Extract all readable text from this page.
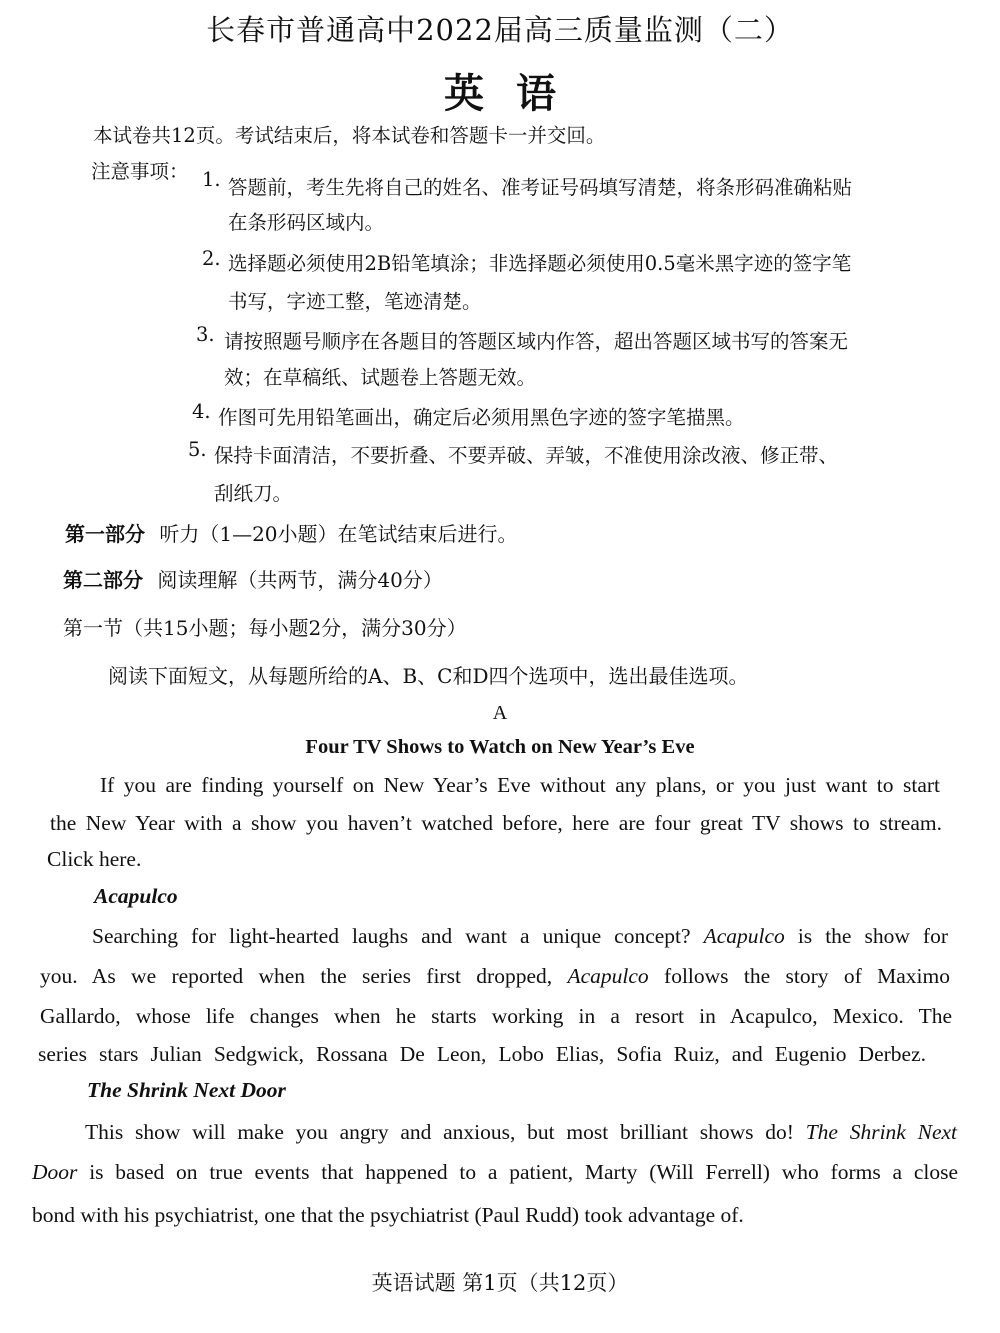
长春市普通高中2022届高三质量监测（二）
英语
本试卷共12页。考试结束后，将本试卷和答题卡一并交回。
注意事项： 1. 答题前，考生先将自己的姓名、准考证号码填写清楚，将条形码准确粘贴
在条形码区域内。
2. 选择题必须使用2B铅笔填涂；非选择题必须使用0.5毫米黑字迹的签字笔
书写，字迹工整，笔迹清楚。
3. 请按照题号顺序在各题目的答题区域内作答，超出答题区域书写的答案无
效；在草稿纸、试题卷上答题无效。
4. 作图可先用铅笔画出，确定后必须用黑色字迹的签字笔描黑。
5. 保持卡面清洁，不要折叠、不要弄破、弄皱，不准使用涂改液、修正带、
刮纸刀。
第一部分 听力（1—20小题）在笔试结束后进行。
第二部分 阅读理解（共两节，满分40分）
第一节（共15小题；每小题2分，满分30分）
阅读下面短文，从每题所给的A、B、C和D四个选项中，选出最佳选项。
A
Four TV Shows to Watch on New Year’s Eve
If you are finding yourself on New Year’s Eve without any plans, or you just want to start
the New Year with a show you haven’t watched before, here are four great TV shows to stream.
Click here.
Acapulco
Searching for light-hearted laughs and want a unique concept? Acapulco is the show for
you. As we reported when the series first dropped, Acapulco follows the story of Maximo
Gallardo, whose life changes when he starts working in a resort in Acapulco, Mexico. The
series stars Julian Sedgwick, Rossana De Leon, Lobo Elias, Sofia Ruiz, and Eugenio Derbez.
The Shrink Next Door
This show will make you angry and anxious, but most brilliant shows do! The Shrink Next
Door is based on true events that happened to a patient, Marty (Will Ferrell) who forms a close
bond with his psychiatrist, one that the psychiatrist (Paul Rudd) took advantage of.
英语试题 第1页（共12页）
